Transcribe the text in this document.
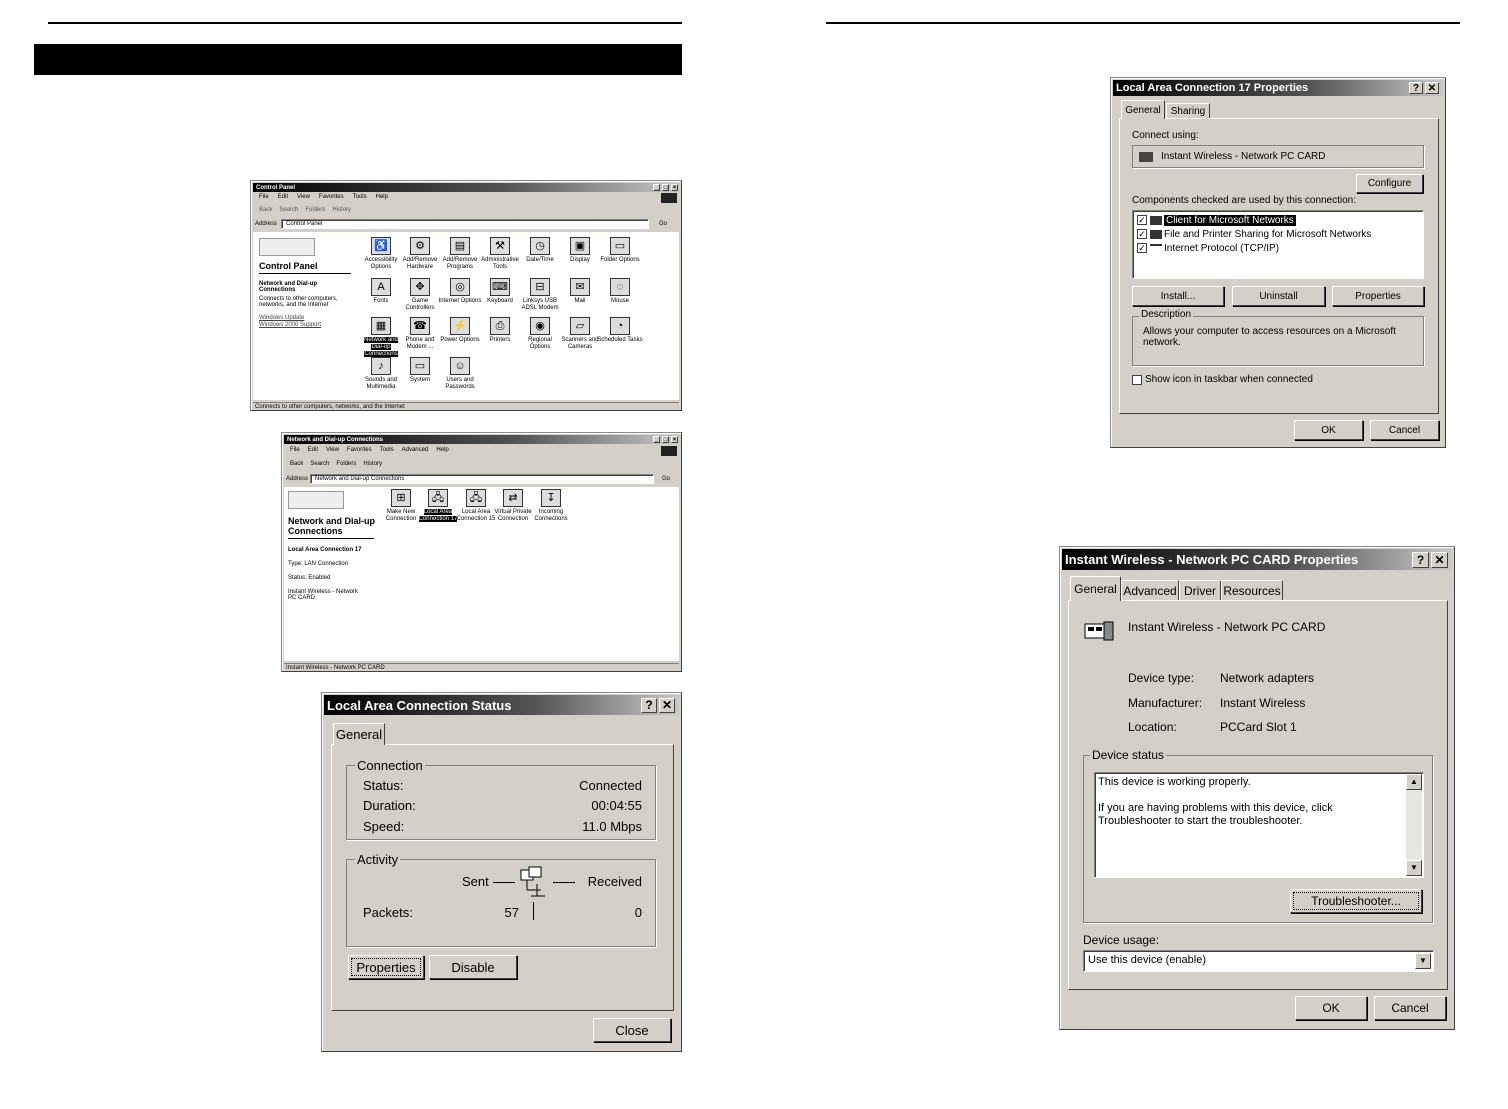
Control Panel	_ □ ×
File Edit View Favorites Tools Help
Back Search Folders History
Address	Control Panel	Go
Control Panel
Network and Dial-up Connections
Connects to other computers, networks, and the Internet
Windows Update
Windows 2000 Support
♿
Accessibility Options
⚙
Add/Remove Hardware
▤
Add/Remove Programs
⚒
Administrative Tools
◷
Date/Time
▣
Display
▭
Folder Options
A
Fonts
✥
Game Controllers
◎
Internet Options
⌨
Keyboard
⊟
Linksys USB ADSL Modem
✉
Mail
◌
Mouse
▦
Network and Dial-up Connections
☎
Phone and Modem ...
⚡
Power Options
⎙
Printers
◉
Regional Options
▱
Scanners and Cameras
◔
Scheduled Tasks
♪
Sounds and Multimedia
▭
System
☺
Users and Passwords
Connects to other computers, networks, and the Internet
Network and Dial-up Connections	_ □ ×
File Edit View Favorites Tools Advanced Help
Back Search Folders History
Address	Network and Dial-up Connections	Go
Network and Dial-up Connections
Local Area Connection 17
Type: LAN Connection
Status: Enabled
Instant Wireless - Network PC CARD
⊞
Make New Connection
🖧
Local Area Connection 17
🖧
Local Area Connection 15
⇄
Virtual Private Connection
↧
Incoming Connections
Instant Wireless - Network PC CARD
Local Area Connection Status	? ✕
General
Connection
Status:	Connected
Duration:	00:04:55
Speed:	11.0 Mbps
Activity
Sent	Received
Packets:	57	0
Properties	Disable
Close
Local Area Connection 17 Properties	? ✕
General Sharing
Connect using:
Instant Wireless - Network PC CARD
Configure
Components checked are used by this connection:
✓ Client for Microsoft Networks
✓ File and Printer Sharing for Microsoft Networks
✓ Internet Protocol (TCP/IP)
Install...	Uninstall	Properties
Description
Allows your computer to access resources on a Microsoft network.
Show icon in taskbar when connected
OK	Cancel
Instant Wireless - Network PC CARD Properties	? ✕
General Advanced Driver Resources
Instant Wireless - Network PC CARD
Device type: Network adapters
Manufacturer: Instant Wireless
Location:	PCCard Slot 1
Device status
This device is working properly.
If you are having problems with this device, click Troubleshooter to start the troubleshooter.
▲
▼
Troubleshooter...
Device usage:
Use this device (enable)	▼
OK	Cancel
